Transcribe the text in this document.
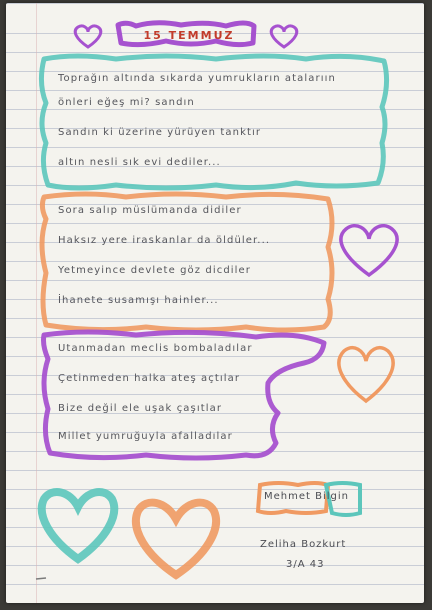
15 TEMMUZ
Toprağın altında sıkarda yumrukların atalarıın
önleri eğeş mi? sandın
Sandın ki üzerine yürüyen tanktır
altın nesli sık evi dediler...
Sora salıp müslümanda didiler
Haksız yere iraskanlar da öldüler...
Yetmeyince devlete göz dicdiler
İhanete susamışı hainler...
Utanmadan meclis bombaladılar
Çetinmeden halka ateş açtılar
Bize değil ele uşak çaşıtlar
Millet yumruğuyla afalladılar
Mehmet Bilgin
Zeliha Bozkurt
3/A 43
